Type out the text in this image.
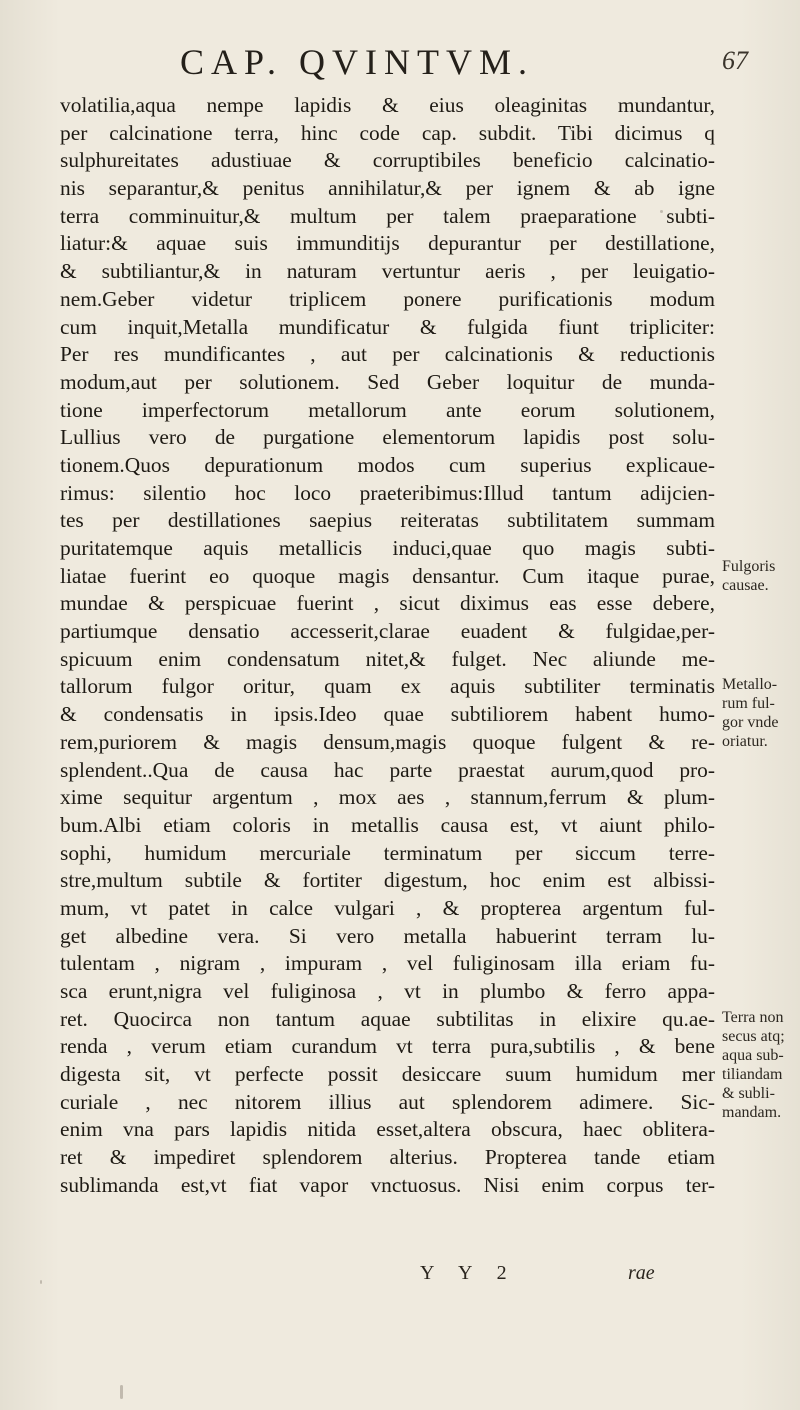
CAP. QVINTVM.	67
volatilia,aqua nempe lapidis & eius oleaginitas mundantur,
per calcinatione terra, hinc code cap. subdit. Tibi dicimus q
sulphureitates adustiuae & corruptibiles beneficio calcinatio-
nis separantur,& penitus annihilatur,& per ignem & ab igne
terra comminuitur,& multum per talem praeparatione subti-
liatur:& aquae suis immunditijs depurantur per destillatione,
& subtiliantur,& in naturam vertuntur aeris , per leuigatio-
nem.Geber videtur triplicem ponere purificationis modum
cum inquit,Metalla mundificatur & fulgida fiunt tripliciter:
Per res mundificantes , aut per calcinationis & reductionis
modum,aut per solutionem. Sed Geber loquitur de munda-
tione imperfectorum metallorum ante eorum solutionem,
Lullius vero de purgatione elementorum lapidis post solu-
tionem.Quos depurationum modos cum superius explicaue-
rimus: silentio hoc loco praeteribimus:Illud tantum adijcien-
tes per destillationes saepius reiteratas subtilitatem summam
puritatemque aquis metallicis induci,quae quo magis subti-
liatae fuerint eo quoque magis densantur. Cum itaque purae,
mundae & perspicuae fuerint , sicut diximus eas esse debere,
partiumque densatio accesserit,clarae euadent & fulgidae,per-
spicuum enim condensatum nitet,& fulget. Nec aliunde me-
tallorum fulgor oritur, quam ex aquis subtiliter terminatis
& condensatis in ipsis.Ideo quae subtiliorem habent humo-
rem,puriorem & magis densum,magis quoque fulgent & re-
splendent..Qua de causa hac parte praestat aurum,quod pro-
xime sequitur argentum , mox aes , stannum,ferrum & plum-
bum.Albi etiam coloris in metallis causa est, vt aiunt philo-
sophi, humidum mercuriale terminatum per siccum terre-
stre,multum subtile & fortiter digestum, hoc enim est albissi-
mum, vt patet in calce vulgari , & propterea argentum ful-
get albedine vera. Si vero metalla habuerint terram lu-
tulentam , nigram , impuram , vel fuliginosam illa eriam fu-
sca erunt,nigra vel fuliginosa , vt in plumbo & ferro appa-
ret. Quocirca non tantum aquae subtilitas in elixire qu.ae-
renda , verum etiam curandum vt terra pura,subtilis , & bene
digesta sit, vt perfecte possit desiccare suum humidum mer
curiale , nec nitorem illius aut splendorem adimere. Sic-
enim vna pars lapidis nitida esset,altera obscura, haec oblitera-
ret & impediret splendorem alterius. Propterea tande etiam
sublimanda est,vt fiat vapor vnctuosus. Nisi enim corpus ter-
Fulgoris
causae.
Metallo-
rum ful-
gor vnde
oriatur.
Terra non
secus atq;
aqua sub-
tiliandam
& subli-
mandam.
Y Y 2	rae
